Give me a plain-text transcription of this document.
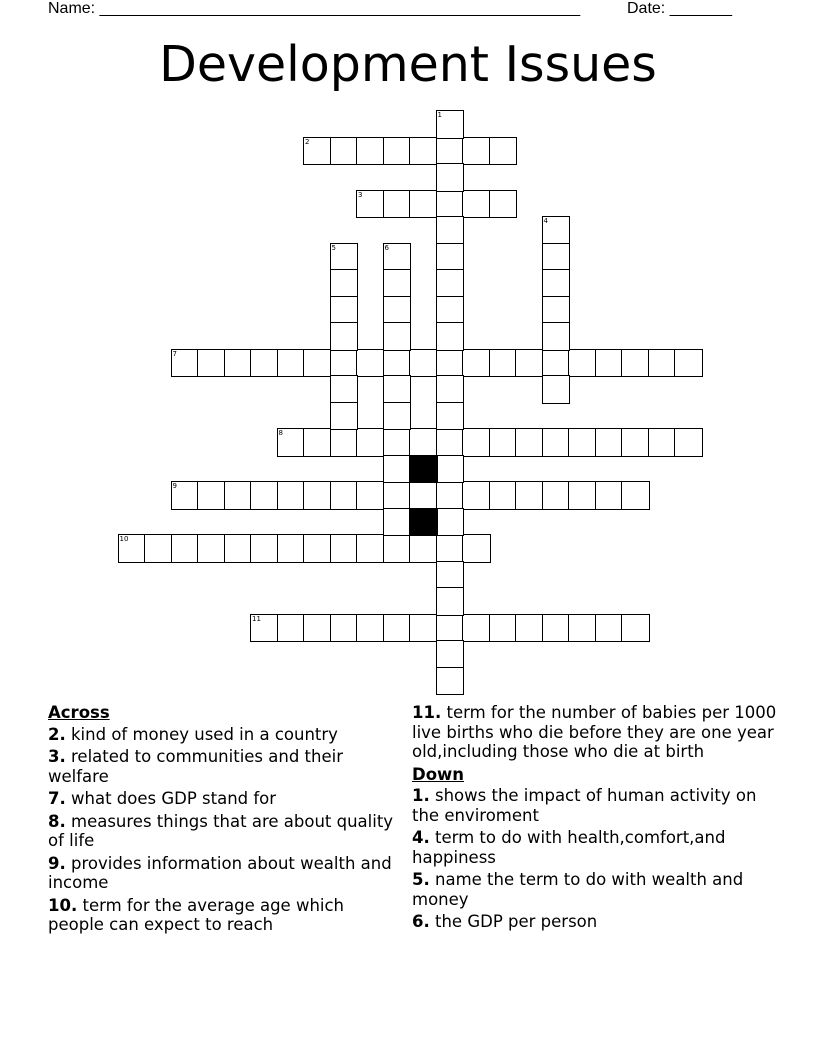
Name: ______________________________________________________	Date: _______
Development Issues
2
3
7
8
9
10
11
1
4
5	6
Across
2. kind of money used in a country
3. related to communities and their welfare
7. what does GDP stand for
8. measures things that are about quality of life
9. provides information about wealth and income
10. term for the average age which people can expect to reach
11. term for the number of babies per 1000 live births who die before they are one year old,including those who die at birth
Down
1. shows the impact of human activity on the enviroment
4. term to do with health,comfort,and happiness
5. name the term to do with wealth and money
6. the GDP per person
